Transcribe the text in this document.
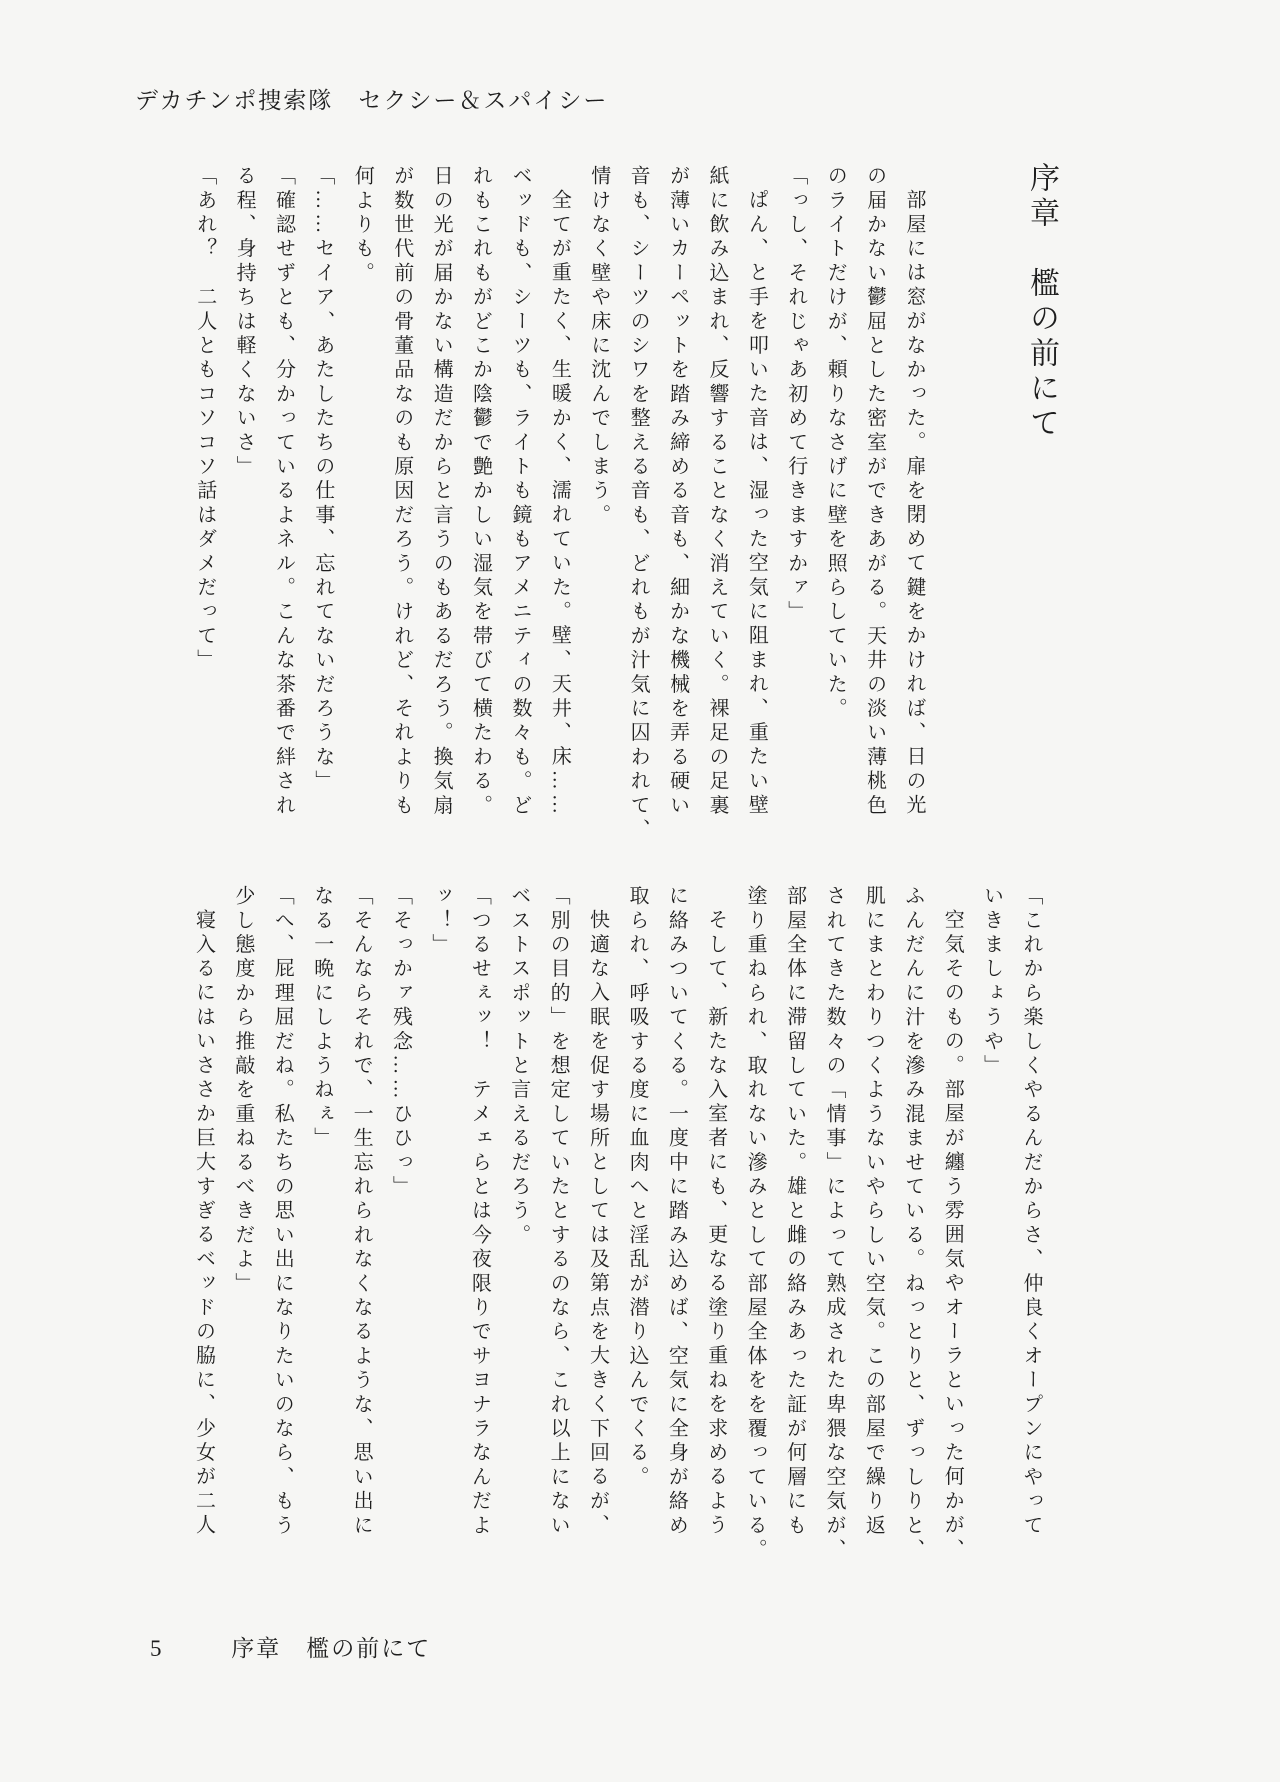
デカチンポ捜索隊　セクシー＆スパイシー
序章　檻の前にて
部屋には窓がなかった。扉を閉めて鍵をかければ、日の光
の届かない鬱屈とした密室ができあがる。天井の淡い薄桃色
のライトだけが、頼りなさげに壁を照らしていた。
「っし、それじゃあ初めて行きますかァ」
ぱん、と手を叩いた音は、湿った空気に阻まれ、重たい壁
紙に飲み込まれ、反響することなく消えていく。裸足の足裏
が薄いカーペットを踏み締める音も、細かな機械を弄る硬い
音も、シーツのシワを整える音も、どれもが汁気に囚われて、
情けなく壁や床に沈んでしまう。
全てが重たく、生暖かく、濡れていた。壁、天井、床……
ベッドも、シーツも、ライトも鏡もアメニティの数々も。ど
れもこれもがどこか陰鬱で艶かしい湿気を帯びて横たわる。
日の光が届かない構造だからと言うのもあるだろう。換気扇
が数世代前の骨董品なのも原因だろう。けれど、それよりも
何よりも。
「……セイア、あたしたちの仕事、忘れてないだろうな」
「確認せずとも、分かっているよネル。こんな茶番で絆され
る程、身持ちは軽くないさ」
「あれ？　二人ともコソコソ話はダメだって」
「これから楽しくやるんだからさ、仲良くオープンにやって
いきましょうや」
空気そのもの。部屋が纏う雰囲気やオーラといった何かが、
ふんだんに汁を滲み混ませている。ねっとりと、ずっしりと、
肌にまとわりつくようないやらしい空気。この部屋で繰り返
されてきた数々の「情事」によって熟成された卑猥な空気が、
部屋全体に滞留していた。雄と雌の絡みあった証が何層にも
塗り重ねられ、取れない滲みとして部屋全体をを覆っている。
そして、新たな入室者にも、更なる塗り重ねを求めるよう
に絡みついてくる。一度中に踏み込めば、空気に全身が絡め
取られ、呼吸する度に血肉へと淫乱が潜り込んでくる。
快適な入眠を促す場所としては及第点を大きく下回るが、
「別の目的」を想定していたとするのなら、これ以上にない
ベストスポットと言えるだろう。
「つるせぇッ！　テメェらとは今夜限りでサヨナラなんだよ
ッ！」
「そっかァ残念……ひひっ」
「そんならそれで、一生忘れられなくなるような、思い出に
なる一晩にしようねぇ」
「へ、屁理屈だね。私たちの思い出になりたいのなら、もう
少し態度から推敲を重ねるべきだよ」
寝入るにはいささか巨大すぎるベッドの脇に、少女が二人
5	序章　檻の前にて
